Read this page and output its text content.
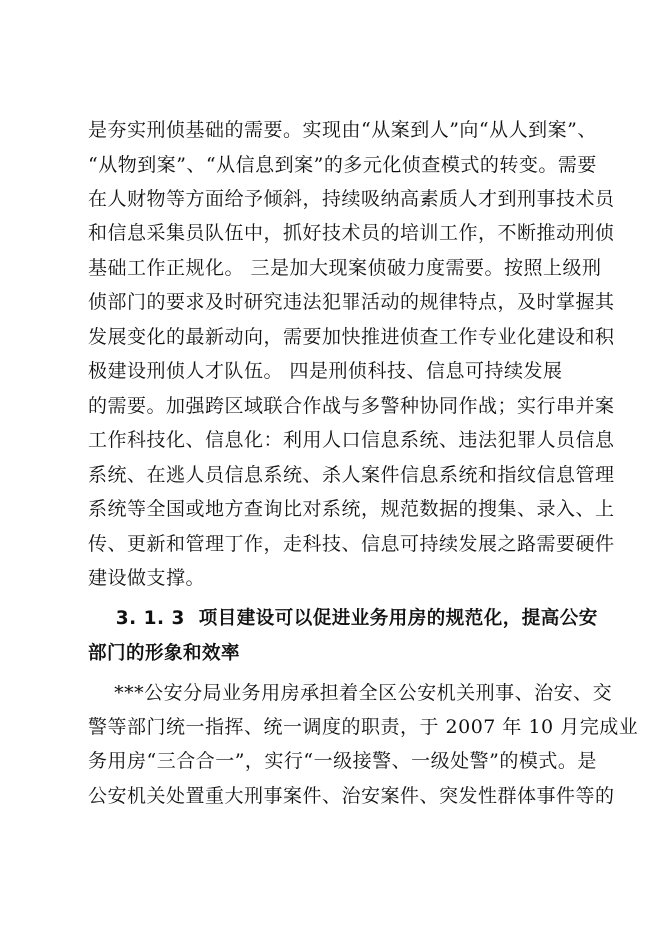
是夯实刑侦基础的需要。实现由“从案到人”向“从人到案”、
“从物到案”、“从信息到案”的多元化侦查模式的转变。需要
在人财物等方面给予倾斜，持续吸纳高素质人才到刑事技术员
和信息采集员队伍中，抓好技术员的培训工作，不断推动刑侦
基础工作正规化。 三是加大现案侦破力度需要。按照上级刑
侦部门的要求及时研究违法犯罪活动的规律特点，及时掌握其
发展变化的最新动向，需要加快推进侦查工作专业化建设和积
极建设刑侦人才队伍。 四是刑侦科技、信息可持续发展
的需要。加强跨区域联合作战与多警种协同作战；实行串并案
工作科技化、信息化：利用人口信息系统、违法犯罪人员信息
系统、在逃人员信息系统、杀人案件信息系统和指纹信息管理
系统等全国或地方查询比对系统，规范数据的搜集、录入、上
传、更新和管理丁作，走科技、信息可持续发展之路需要硬件
建设做支撑。
3. 1. 3  项目建设可以促进业务用房的规范化，提高公安
部门的形象和效率
***公安分局业务用房承担着全区公安机关刑事、治安、交
警等部门统一指挥、统一调度的职责，于 2007 年 10 月完成业
务用房“三合合一”，实行“一级接警、一级处警”的模式。是
公安机关处置重大刑事案件、治安案件、突发性群体事件等的
